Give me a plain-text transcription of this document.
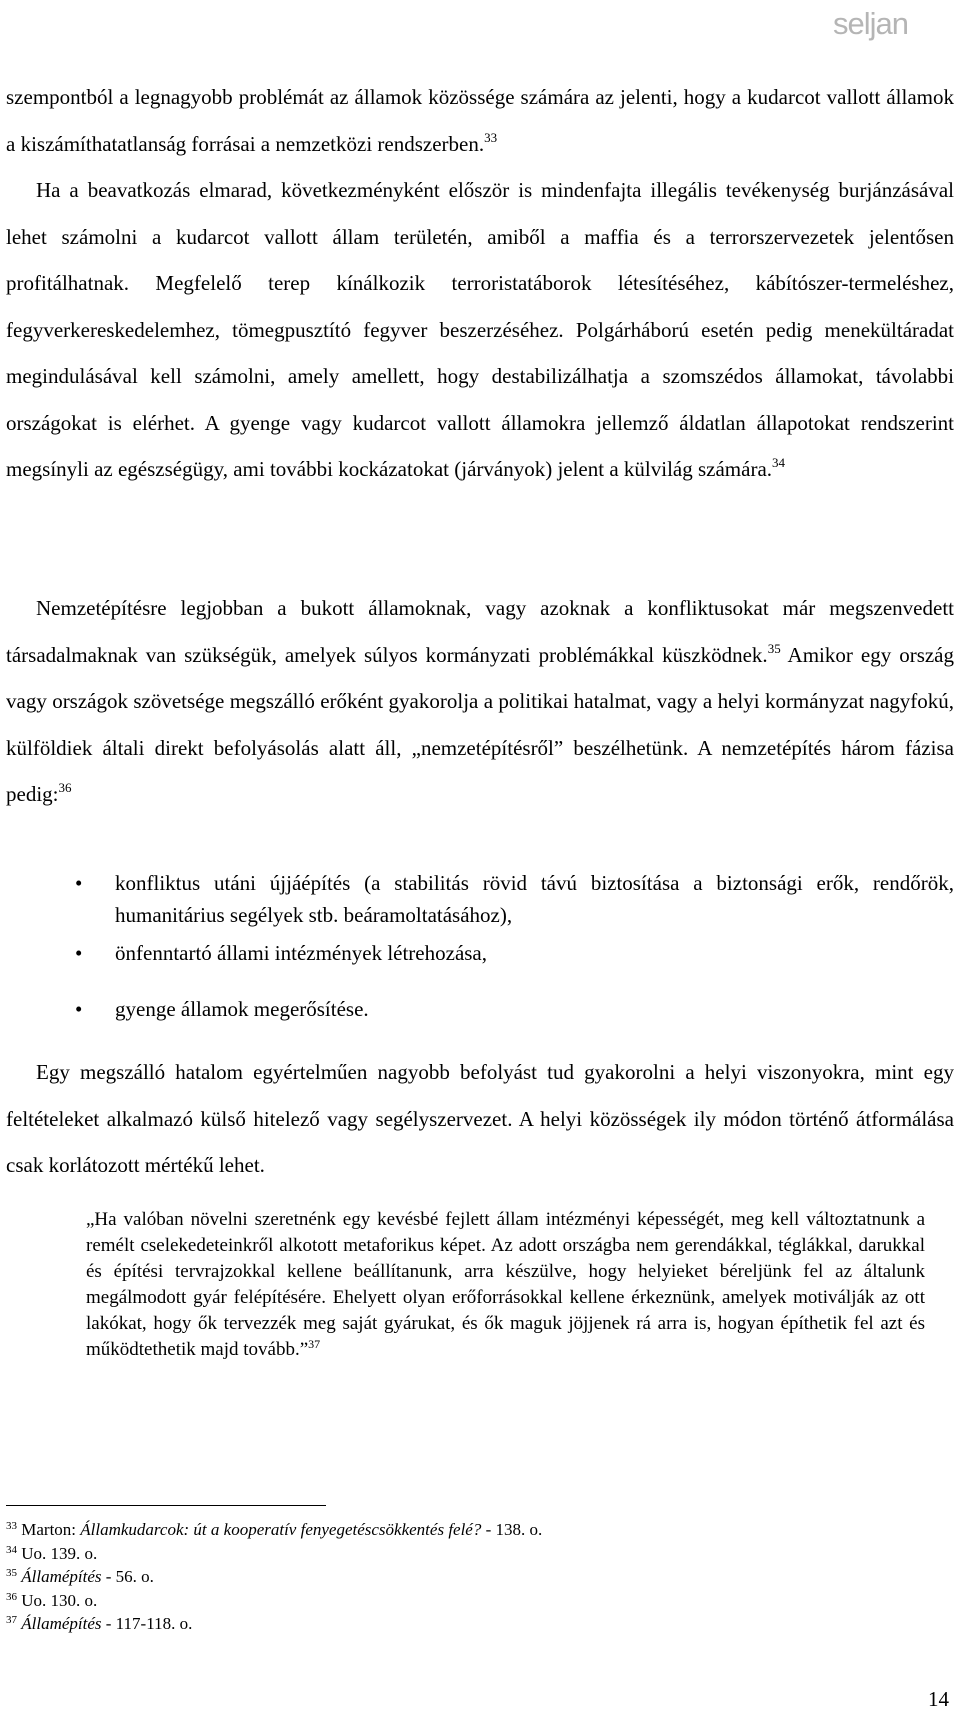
seljan

szempontból a legnagyobb problémát az államok közössége számára az jelenti, hogy a kudarcot vallott államok a kiszámíthatatlanság forrásai a nemzetközi rendszerben.$^{33}$

Ha a beavatkozás elmarad, következményként először is mindenfajta illegális tevékenység burjánzásával lehet számolni a kudarcot vallott állam területén, amiből a maffia és a terrorszervezetek jelentősen profitálhatnak. Megfelelő terep kínálkozik terroristatáborok létesítéséhez, kábítószer-termeléshez, fegyverkereskedelemhez, tömegpusztító fegyver beszerzéséhez. Polgárháború esetén pedig menekültáradat megindulásával kell számolni, amely amellett, hogy destabilizálhatja a szomszédos államokat, távolabbi országokat is elérhet. A gyenge vagy kudarcot vallott államokra jellemző áldatlan állapotokat rendszerint megsínyli az egészségügy, ami további kockázatokat (járványok) jelent a külvilág számára.$^{34}$

Nemzetépítésre legjobban a bukott államoknak, vagy azoknak a konfliktusokat már megszenvedett társadalmaknak van szükségük, amelyek súlyos kormányzati problémákkal küszködnek.$^{35}$ Amikor egy ország vagy országok szövetsége megszálló erőként gyakorolja a politikai hatalmat, vagy a helyi kormányzat nagyfokú, külföldiek általi direkt befolyásolás alatt áll, „nemzetépítésről” beszélhetünk. A nemzetépítés három fázisa pedig:$^{36}$

• konfliktus utáni újjáépítés (a stabilitás rövid távú biztosítása a biztonsági erők, rendőrök, humanitárius segélyek stb. beáramoltatásához),
• önfenntartó állami intézmények létrehozása,
• gyenge államok megerősítése.

Egy megszálló hatalom egyértelműen nagyobb befolyást tud gyakorolni a helyi viszonyokra, mint egy feltételeket alkalmazó külső hitelező vagy segélyszervezet. A helyi közösségek ily módon történő átformálása csak korlátozott mértékű lehet.

„Ha valóban növelni szeretnénk egy kevésbé fejlett állam intézményi képességét, meg kell változtatnunk a remélt cselekedeteinkről alkotott metaforikus képet. Az adott országba nem gerendákkal, téglákkal, darukkal és építési tervrajzokkal kellene beállítanunk, arra készülve, hogy helyieket béreljünk fel az általunk megálmodott gyár felépítésére. Ehelyett olyan erőforrásokkal kellene érkeznünk, amelyek motiválják az ott lakókat, hogy ők tervezzék meg saját gyárukat, és ők maguk jöjjenek rá arra is, hogyan építhetik fel azt és működtethetik majd tovább.”$^{37}$

$^{33}$ Marton: Államkudarcok: út a kooperatív fenyegetéscsökkentés felé? - 138. o.
$^{34}$ Uo. 139. o.
$^{35}$ Államépítés - 56. o.
$^{36}$ Uo. 130. o.
$^{37}$ Államépítés - 117-118. o.
14
